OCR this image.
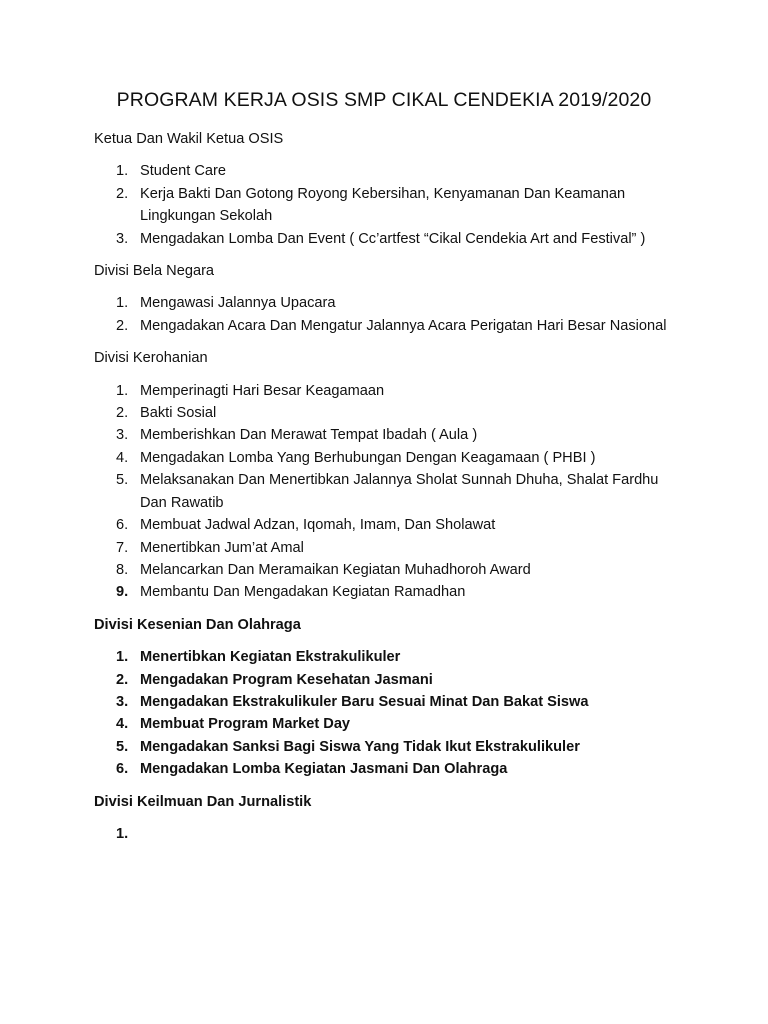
PROGRAM KERJA OSIS SMP CIKAL CENDEKIA 2019/2020
Ketua Dan Wakil Ketua OSIS
1. Student Care
2. Kerja Bakti Dan Gotong Royong Kebersihan, Kenyamanan Dan Keamanan Lingkungan Sekolah
3. Mengadakan Lomba Dan Event ( Cc’artfest “Cikal Cendekia Art and Festival” )
Divisi Bela Negara
1. Mengawasi Jalannya Upacara
2. Mengadakan Acara Dan Mengatur Jalannya Acara Perigatan Hari Besar Nasional
Divisi Kerohanian
1. Memperinagti Hari Besar Keagamaan
2. Bakti Sosial
3. Memberishkan Dan Merawat Tempat Ibadah ( Aula )
4. Mengadakan Lomba Yang Berhubungan Dengan Keagamaan ( PHBI )
5. Melaksanakan Dan Menertibkan Jalannya Sholat Sunnah Dhuha, Shalat Fardhu Dan Rawatib
6. Membuat Jadwal Adzan, Iqomah, Imam, Dan Sholawat
7. Menertibkan Jum’at Amal
8. Melancarkan Dan Meramaikan Kegiatan Muhadhoroh Award
9. Membantu Dan Mengadakan Kegiatan Ramadhan
Divisi Kesenian Dan Olahraga
1. Menertibkan Kegiatan Ekstrakulikuler
2. Mengadakan Program Kesehatan Jasmani
3. Mengadakan Ekstrakulikuler Baru Sesuai Minat Dan Bakat Siswa
4. Membuat Program Market Day
5. Mengadakan Sanksi Bagi Siswa Yang Tidak Ikut Ekstrakulikuler
6. Mengadakan Lomba Kegiatan Jasmani Dan Olahraga
Divisi Keilmuan Dan Jurnalistik
1.
